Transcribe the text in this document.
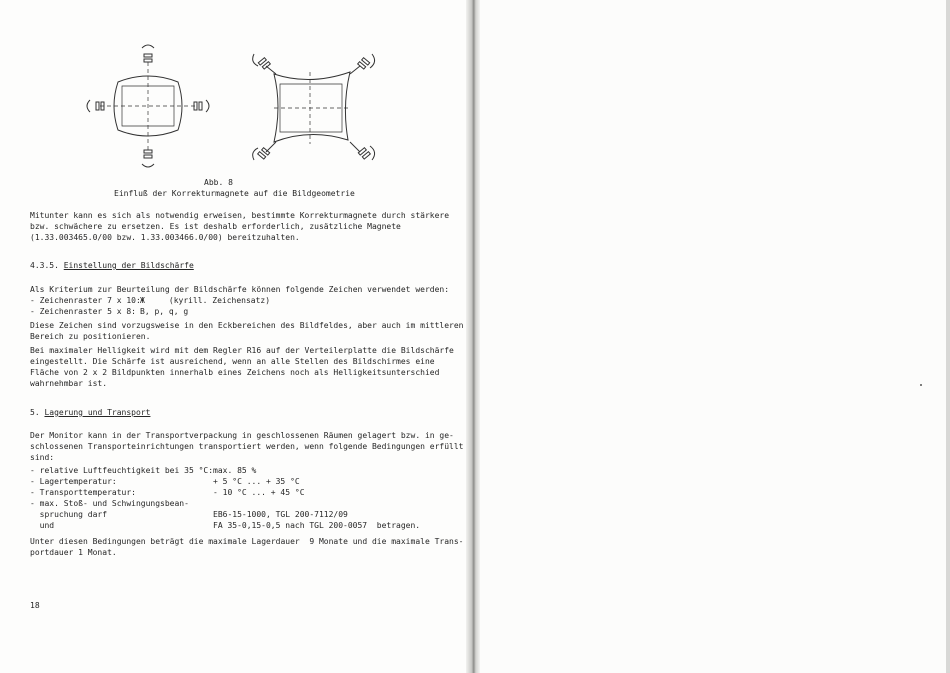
Abb. 8
Einfluß der Korrekturmagnete auf die Bildgeometrie
Mitunter kann es sich als notwendig erweisen, bestimmte Korrekturmagnete durch stärkere
bzw. schwächere zu ersetzen. Es ist deshalb erforderlich, zusätzliche Magnete
(1.33.003465.0/00 bzw. 1.33.003466.0/00) bereitzuhalten.
4.3.5. Einstellung der Bildschärfe
Als Kriterium zur Beurteilung der Bildschärfe können folgende Zeichen verwendet werden:
- Zeichenraster 7 x 10: Ж     (kyrill. Zeichensatz)
- Zeichenraster 5 x 8: B, p, q, g
Diese Zeichen sind vorzugsweise in den Eckbereichen des Bildfeldes, aber auch im mittleren
Bereich zu positionieren.
Bei maximaler Helligkeit wird mit dem Regler R16 auf der Verteilerplatte die Bildschärfe
eingestellt. Die Schärfe ist ausreichend, wenn an alle Stellen des Bildschirmes eine
Fläche von 2 x 2 Bildpunkten innerhalb eines Zeichens noch als Helligkeitsunterschied
wahrnehmbar ist.
5. Lagerung und Transport
Der Monitor kann in der Transportverpackung in geschlossenen Räumen gelagert bzw. in ge-
schlossenen Transporteinrichtungen transportiert werden, wenn folgende Bedingungen erfüllt
sind:
- relative Luftfeuchtigkeit bei 35 °C: max. 85 %
- Lagertemperatur:	+ 5 °C ... + 35 °C
- Transporttemperatur:	- 10 °C ... + 45 °C
- max. Stoß- und Schwingungsbean-
spruchung darf	EB6-15-1000, TGL 200-7112/09
und	FA 35-0,15-0,5 nach TGL 200-0057  betragen.
Unter diesen Bedingungen beträgt die maximale Lagerdauer  9 Monate und die maximale Trans-
portdauer 1 Monat.
18
